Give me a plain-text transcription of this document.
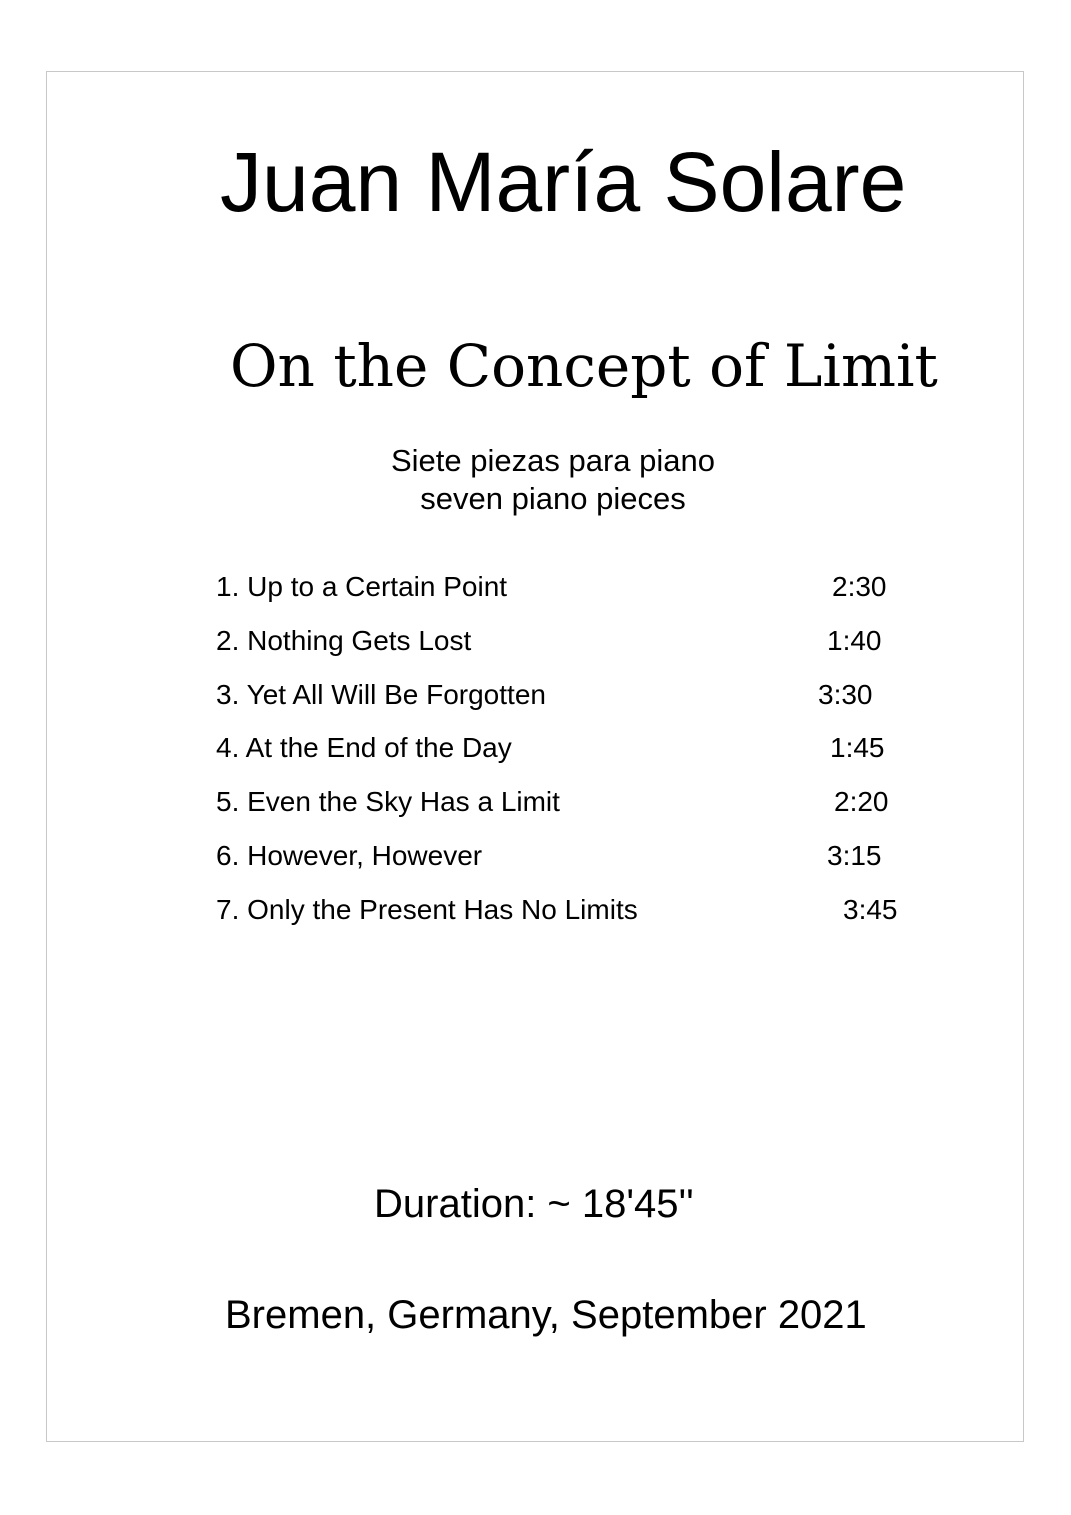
Juan María Solare
On the Concept of Limit
Siete piezas para piano
seven piano pieces
1. Up to a Certain Point	2:30
2. Nothing Gets Lost	1:40
3. Yet All Will Be Forgotten	3:30
4. At the End of the Day	1:45
5. Even the Sky Has a Limit	2:20
6. However, However	3:15
7. Only the Present Has No Limits	3:45
Duration: ~ 18'45''
Bremen, Germany, September 2021
